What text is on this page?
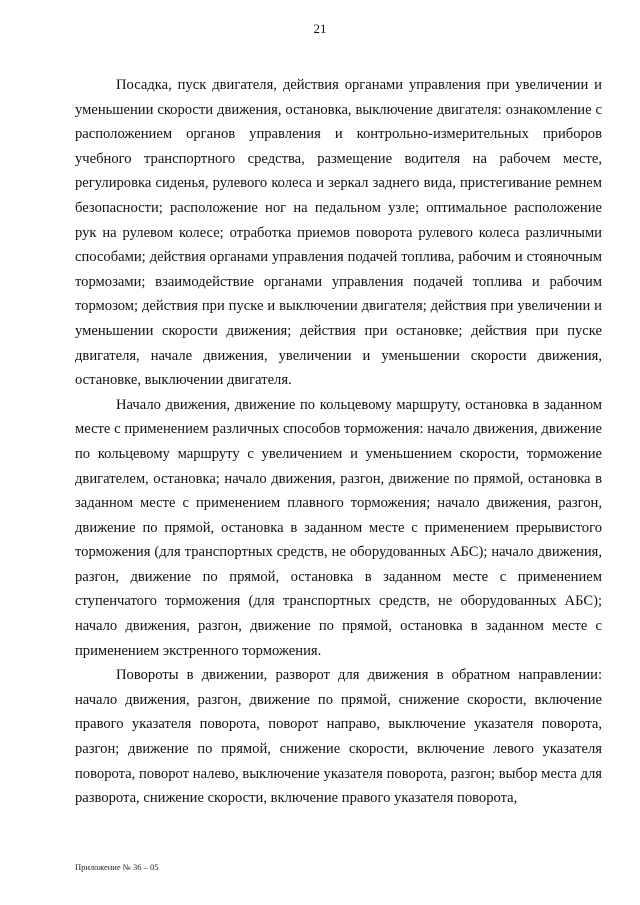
21

Посадка, пуск двигателя, действия органами управления при увеличении и уменьшении скорости движения, остановка, выключение двигателя: ознакомление с расположением органов управления и контрольно-измерительных приборов учебного транспортного средства, размещение водителя на рабочем месте, регулировка сиденья, рулевого колеса и зеркал заднего вида, пристегивание ремнем безопасности; расположение ног на педальном узле; оптимальное расположение рук на рулевом колесе; отработка приемов поворота рулевого колеса различными способами; действия органами управления подачей топлива, рабочим и стояночным тормозами; взаимодействие органами управления подачей топлива и рабочим тормозом; действия при пуске и выключении двигателя; действия при увеличении и уменьшении скорости движения; действия при остановке; действия при пуске двигателя, начале движения, увеличении и уменьшении скорости движения, остановке, выключении двигателя.

Начало движения, движение по кольцевому маршруту, остановка в заданном месте с применением различных способов торможения: начало движения, движение по кольцевому маршруту с увеличением и уменьшением скорости, торможение двигателем, остановка; начало движения, разгон, движение по прямой, остановка в заданном месте с применением плавного торможения; начало движения, разгон, движение по прямой, остановка в заданном месте с применением прерывистого торможения (для транспортных средств, не оборудованных АБС); начало движения, разгон, движение по прямой, остановка в заданном месте с применением ступенчатого торможения (для транспортных средств, не оборудованных АБС); начало движения, разгон, движение по прямой, остановка в заданном месте с применением экстренного торможения.

Повороты в движении, разворот для движения в обратном направлении: начало движения, разгон, движение по прямой, снижение скорости, включение правого указателя поворота, поворот направо, выключение указателя поворота, разгон; движение по прямой, снижение скорости, включение левого указателя поворота, поворот налево, выключение указателя поворота, разгон; выбор места для разворота, снижение скорости, включение правого указателя поворота,

Приложение № 36 – 05
